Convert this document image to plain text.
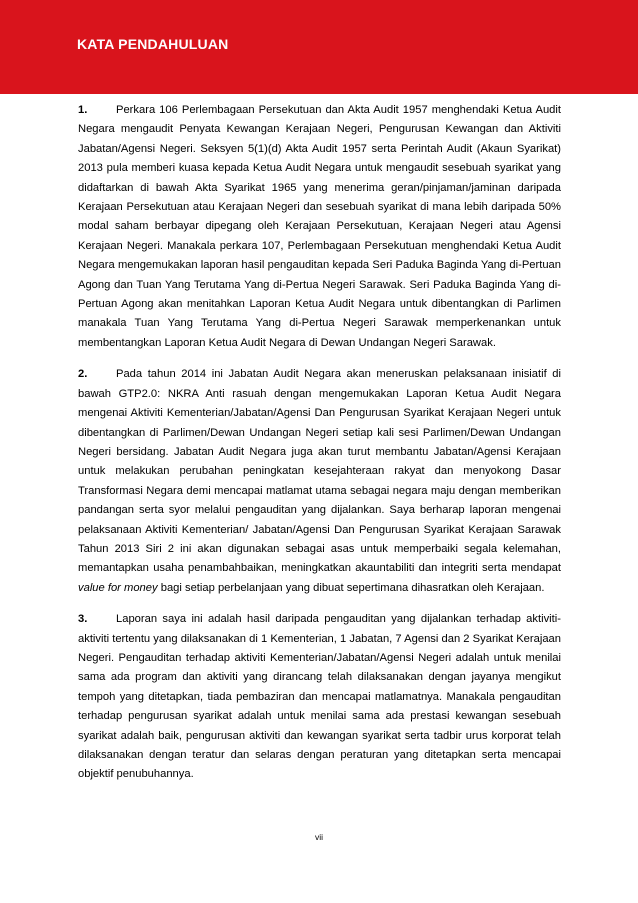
KATA PENDAHULUAN

1.	Perkara 106 Perlembagaan Persekutuan dan Akta Audit 1957 menghendaki Ketua Audit Negara mengaudit Penyata Kewangan Kerajaan Negeri, Pengurusan Kewangan dan Aktiviti Jabatan/Agensi Negeri. Seksyen 5(1)(d) Akta Audit 1957 serta Perintah Audit (Akaun Syarikat) 2013 pula memberi kuasa kepada Ketua Audit Negara untuk mengaudit sesebuah syarikat yang didaftarkan di bawah Akta Syarikat 1965 yang menerima geran/pinjaman/jaminan daripada Kerajaan Persekutuan atau Kerajaan Negeri dan sesebuah syarikat di mana lebih daripada 50% modal saham berbayar dipegang oleh Kerajaan Persekutuan, Kerajaan Negeri atau Agensi Kerajaan Negeri. Manakala perkara 107, Perlembagaan Persekutuan menghendaki Ketua Audit Negara mengemukakan laporan hasil pengauditan kepada Seri Paduka Baginda Yang di-Pertuan Agong dan Tuan Yang Terutama Yang di-Pertua Negeri Sarawak. Seri Paduka Baginda Yang di-Pertuan Agong akan menitahkan Laporan Ketua Audit Negara untuk dibentangkan di Parlimen manakala Tuan Yang Terutama Yang di-Pertua Negeri Sarawak memperkenankan untuk membentangkan Laporan Ketua Audit Negara di Dewan Undangan Negeri Sarawak.

2.	Pada tahun 2014 ini Jabatan Audit Negara akan meneruskan pelaksanaan inisiatif di bawah GTP2.0: NKRA Anti rasuah dengan mengemukakan Laporan Ketua Audit Negara mengenai Aktiviti Kementerian/Jabatan/Agensi Dan Pengurusan Syarikat Kerajaan Negeri untuk dibentangkan di Parlimen/Dewan Undangan Negeri setiap kali sesi Parlimen/Dewan Undangan Negeri bersidang. Jabatan Audit Negara juga akan turut membantu Jabatan/Agensi Kerajaan untuk melakukan perubahan peningkatan kesejahteraan rakyat dan menyokong Dasar Transformasi Negara demi mencapai matlamat utama sebagai negara maju dengan memberikan pandangan serta syor melalui pengauditan yang dijalankan. Saya berharap laporan mengenai pelaksanaan Aktiviti Kementerian/ Jabatan/Agensi Dan Pengurusan Syarikat Kerajaan Sarawak Tahun 2013 Siri 2 ini akan digunakan sebagai asas untuk memperbaiki segala kelemahan, memantapkan usaha penambahbaikan, meningkatkan akauntabiliti dan integriti serta mendapat value for money bagi setiap perbelanjaan yang dibuat sepertimana dihasratkan oleh Kerajaan.

3.	Laporan saya ini adalah hasil daripada pengauditan yang dijalankan terhadap aktiviti-aktiviti tertentu yang dilaksanakan di 1 Kementerian, 1 Jabatan, 7 Agensi dan 2 Syarikat Kerajaan Negeri. Pengauditan terhadap aktiviti Kementerian/Jabatan/Agensi Negeri adalah untuk menilai sama ada program dan aktiviti yang dirancang telah dilaksanakan dengan jayanya mengikut tempoh yang ditetapkan, tiada pembaziran dan mencapai matlamatnya. Manakala pengauditan terhadap pengurusan syarikat adalah untuk menilai sama ada prestasi kewangan sesebuah syarikat adalah baik, pengurusan aktiviti dan kewangan syarikat serta tadbir urus korporat telah dilaksanakan dengan teratur dan selaras dengan peraturan yang ditetapkan serta mencapai objektif penubuhannya.

vii
